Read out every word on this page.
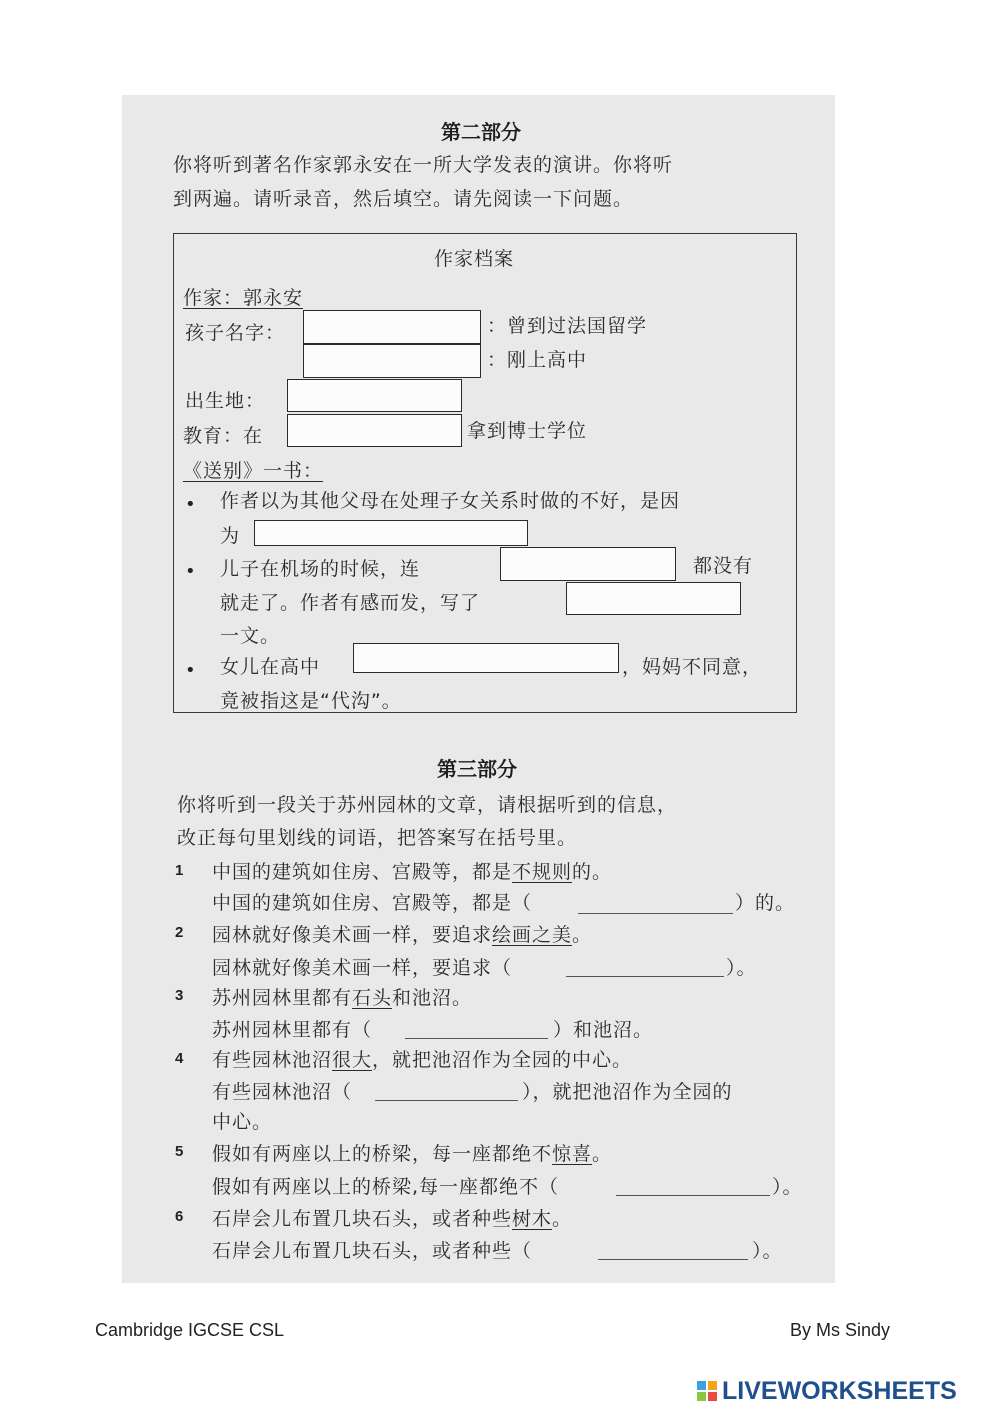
第二部分
你将听到著名作家郭永安在一所大学发表的演讲。你将听
到两遍。请听录音，然后填空。请先阅读一下问题。
作家档案
作家：郭永安
孩子名字：	：曾到过法国留学
：刚上高中
出生地：
教育：在	拿到博士学位
《送别》一书：
• 作者以为其他父母在处理子女关系时做的不好，是因
为
• 儿子在机场的时候，连	都没有
就走了。作者有感而发，写了
一文。
• 女儿在高中	，妈妈不同意，
竟被指这是“代沟”。
第三部分
你将听到一段关于苏州园林的文章，请根据听到的信息，
改正每句里划线的词语，把答案写在括号里。
1 中国的建筑如住房、宫殿等，都是不规则的。
中国的建筑如住房、宫殿等，都是（	）的。
2 园林就好像美术画一样，要追求绘画之美。
园林就好像美术画一样，要追求（	）。
3 苏州园林里都有石头和池沼。
苏州园林里都有（	）和池沼。
4 有些园林池沼很大，就把池沼作为全园的中心。
有些园林池沼（	），就把池沼作为全园的
中心。
5 假如有两座以上的桥梁，每一座都绝不惊喜。
假如有两座以上的桥梁,每一座都绝不（	）。
6 石岸会儿布置几块石头，或者种些树木。
石岸会儿布置几块石头，或者种些（	）。
Cambridge IGCSE CSL	By Ms Sindy
LIVEWORKSHEETS
